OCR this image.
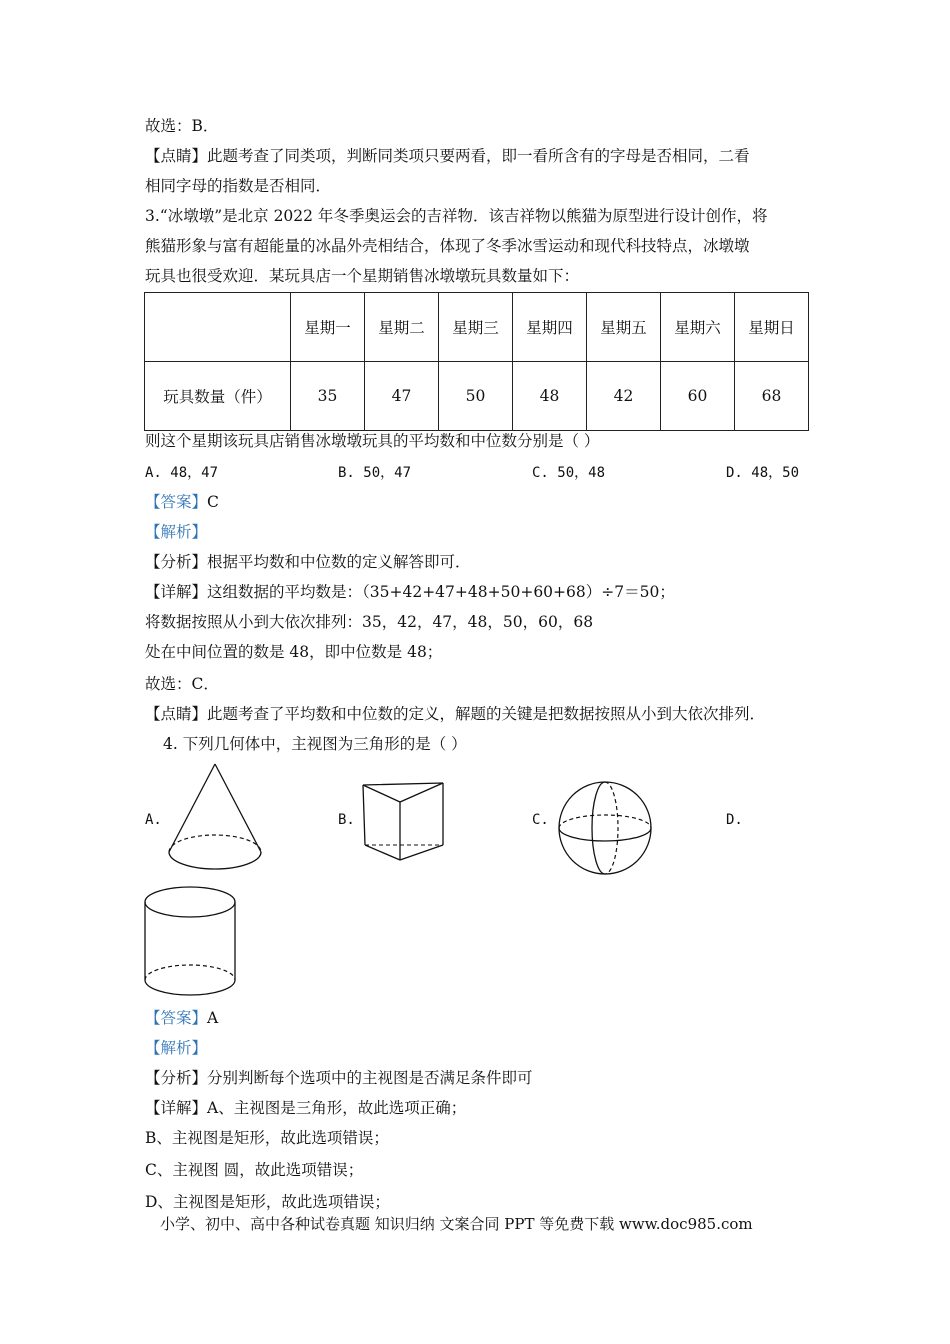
故选：B．
【点睛】此题考查了同类项，判断同类项只要两看，即一看所含有的字母是否相同，二看
相同字母的指数是否相同．
3.“冰墩墩”是北京 2022 年冬季奥运会的吉祥物．该吉祥物以熊猫为原型进行设计创作，将
熊猫形象与富有超能量的冰晶外壳相结合，体现了冬季冰雪运动和现代科技特点，冰墩墩
玩具也很受欢迎．某玩具店一个星期销售冰墩墩玩具数量如下：
	星期一	星期二	星期三	星期四	星期五	星期六	星期日
玩具数量（件）	35	47	50	48	42	60	68
则这个星期该玩具店销售冰墩墩玩具的平均数和中位数分别是（ ）
A. 48，47	B. 50，47	C. 50，48	D. 48，50
【答案】C
【解析】
【分析】根据平均数和中位数的定义解答即可．
【详解】这组数据的平均数是：（35+42+47+48+50+60+68）÷7＝50；
将数据按照从小到大依次排列：35，42，47，48，50，60，68
处在中间位置的数是 48，即中位数是 48；
故选：C．
【点睛】此题考查了平均数和中位数的定义，解题的关键是把数据按照从小到大依次排列．
4. 下列几何体中，主视图为三角形的是（ ）
A.	B.	C.	D.
【答案】A
【解析】
【分析】分别判断每个选项中的主视图是否满足条件即可
【详解】A、主视图是三角形，故此选项正确；
B、主视图是矩形，故此选项错误；
C、主视图 圆，故此选项错误；
D、主视图是矩形，故此选项错误；
小学、初中、高中各种试卷真题 知识归纳 文案合同 PPT 等免费下载 www.doc985.com
